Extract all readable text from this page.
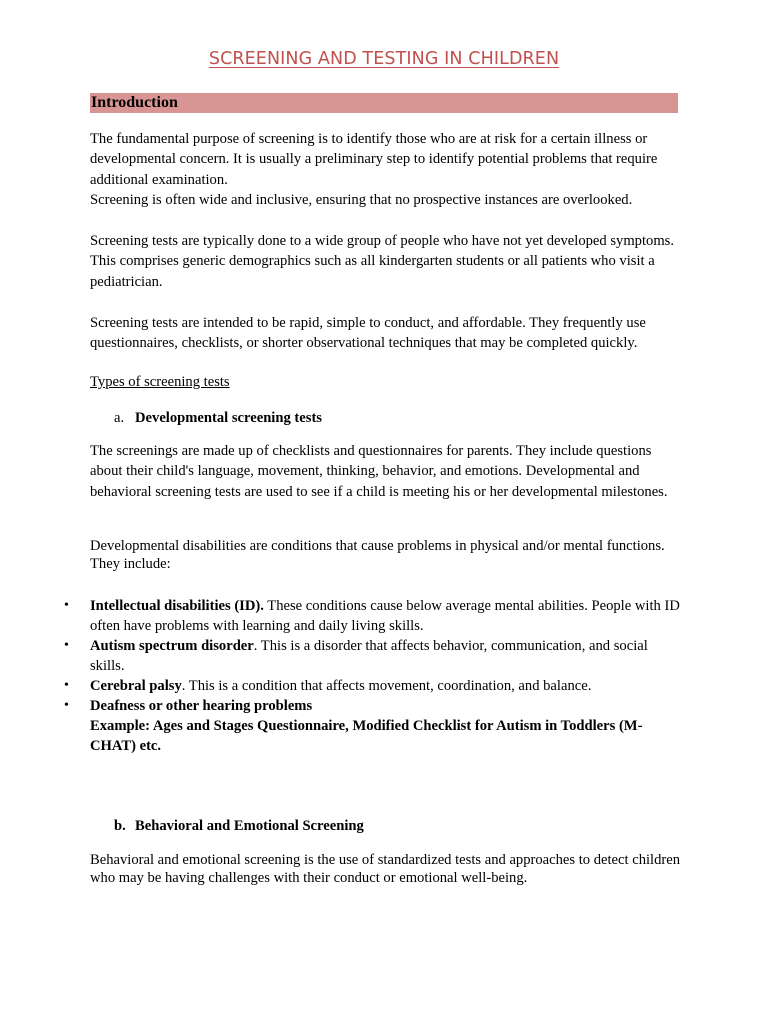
SCREENING AND TESTING IN CHILDREN
Introduction
The fundamental purpose of screening is to identify those who are at risk for a certain illness or developmental concern. It is usually a preliminary step to identify potential problems that require additional examination.
Screening is often wide and inclusive, ensuring that no prospective instances are overlooked.
Screening tests are typically done to a wide group of people who have not yet developed symptoms. This comprises generic demographics such as all kindergarten students or all patients who visit a pediatrician.
Screening tests are intended to be rapid, simple to conduct, and affordable. They frequently use questionnaires, checklists, or shorter observational techniques that may be completed quickly.
Types of screening tests
a. Developmental screening tests
The screenings are made up of checklists and questionnaires for parents. They include questions about their child's language, movement, thinking, behavior, and emotions. Developmental and behavioral screening tests are used to see if a child is meeting his or her developmental milestones.
Developmental disabilities are conditions that cause problems in physical and/or mental functions. They include:
• Intellectual disabilities (ID). These conditions cause below average mental abilities. People with ID often have problems with learning and daily living skills.
• Autism spectrum disorder. This is a disorder that affects behavior, communication, and social skills.
• Cerebral palsy. This is a condition that affects movement, coordination, and balance.
• Deafness or other hearing problems
Example: Ages and Stages Questionnaire, Modified Checklist for Autism in Toddlers (M-CHAT) etc.
b. Behavioral and Emotional Screening
Behavioral and emotional screening is the use of standardized tests and approaches to detect children who may be having challenges with their conduct or emotional well-being.
